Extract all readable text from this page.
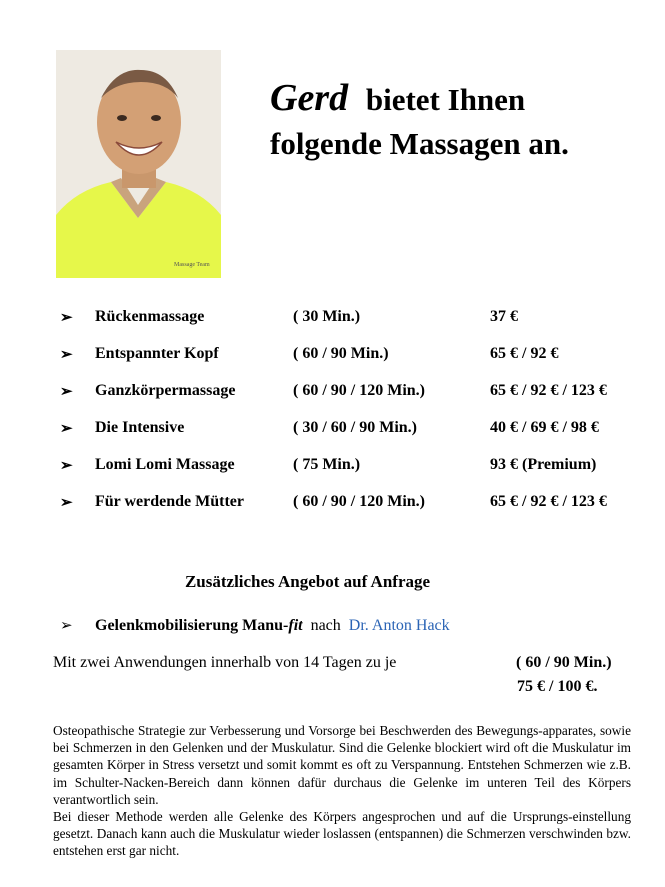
Massage Team
Gerd bietet Ihnen
folgende Massagen an.
➢ Rückenmassage	( 30 Min.)	37 €
➢ Entspannter Kopf	( 60 / 90 Min.)	65 € / 92 €
➢ Ganzkörpermassage	( 60 / 90 / 120 Min.)	65 € / 92 € / 123 €
➢ Die Intensive	( 30 / 60 / 90 Min.)	40 € / 69 € / 98 €
➢ Lomi Lomi Massage	( 75 Min.)	93 € (Premium)
➢ Für werdende Mütter	( 60 / 90 / 120 Min.)	65 € / 92 € / 123 €
Zusätzliches Angebot auf Anfrage
➢ Gelenkmobilisierung Manu-fit nach Dr. Anton Hack
Mit zwei Anwendungen innerhalb von 14 Tagen zu je	( 60 / 90 Min.)
75 € / 100 €.

Osteopathische Strategie zur Verbesserung und Vorsorge bei Beschwerden des Bewegungs-apparates, sowie bei Schmerzen in den Gelenken und der Muskulatur. Sind die Gelenke blockiert wird oft die Muskulatur im gesamten Körper in Stress versetzt und somit kommt es oft zu Verspannung. Entstehen Schmerzen wie z.B. im Schulter-Nacken-Bereich dann können dafür durchaus die Gelenke im unteren Teil des Körpers verantwortlich sein.

Bei dieser Methode werden alle Gelenke des Körpers angesprochen und auf die Ursprungs-einstellung gesetzt. Danach kann auch die Muskulatur wieder loslassen (entspannen) die Schmerzen verschwinden bzw. entstehen erst gar nicht.
